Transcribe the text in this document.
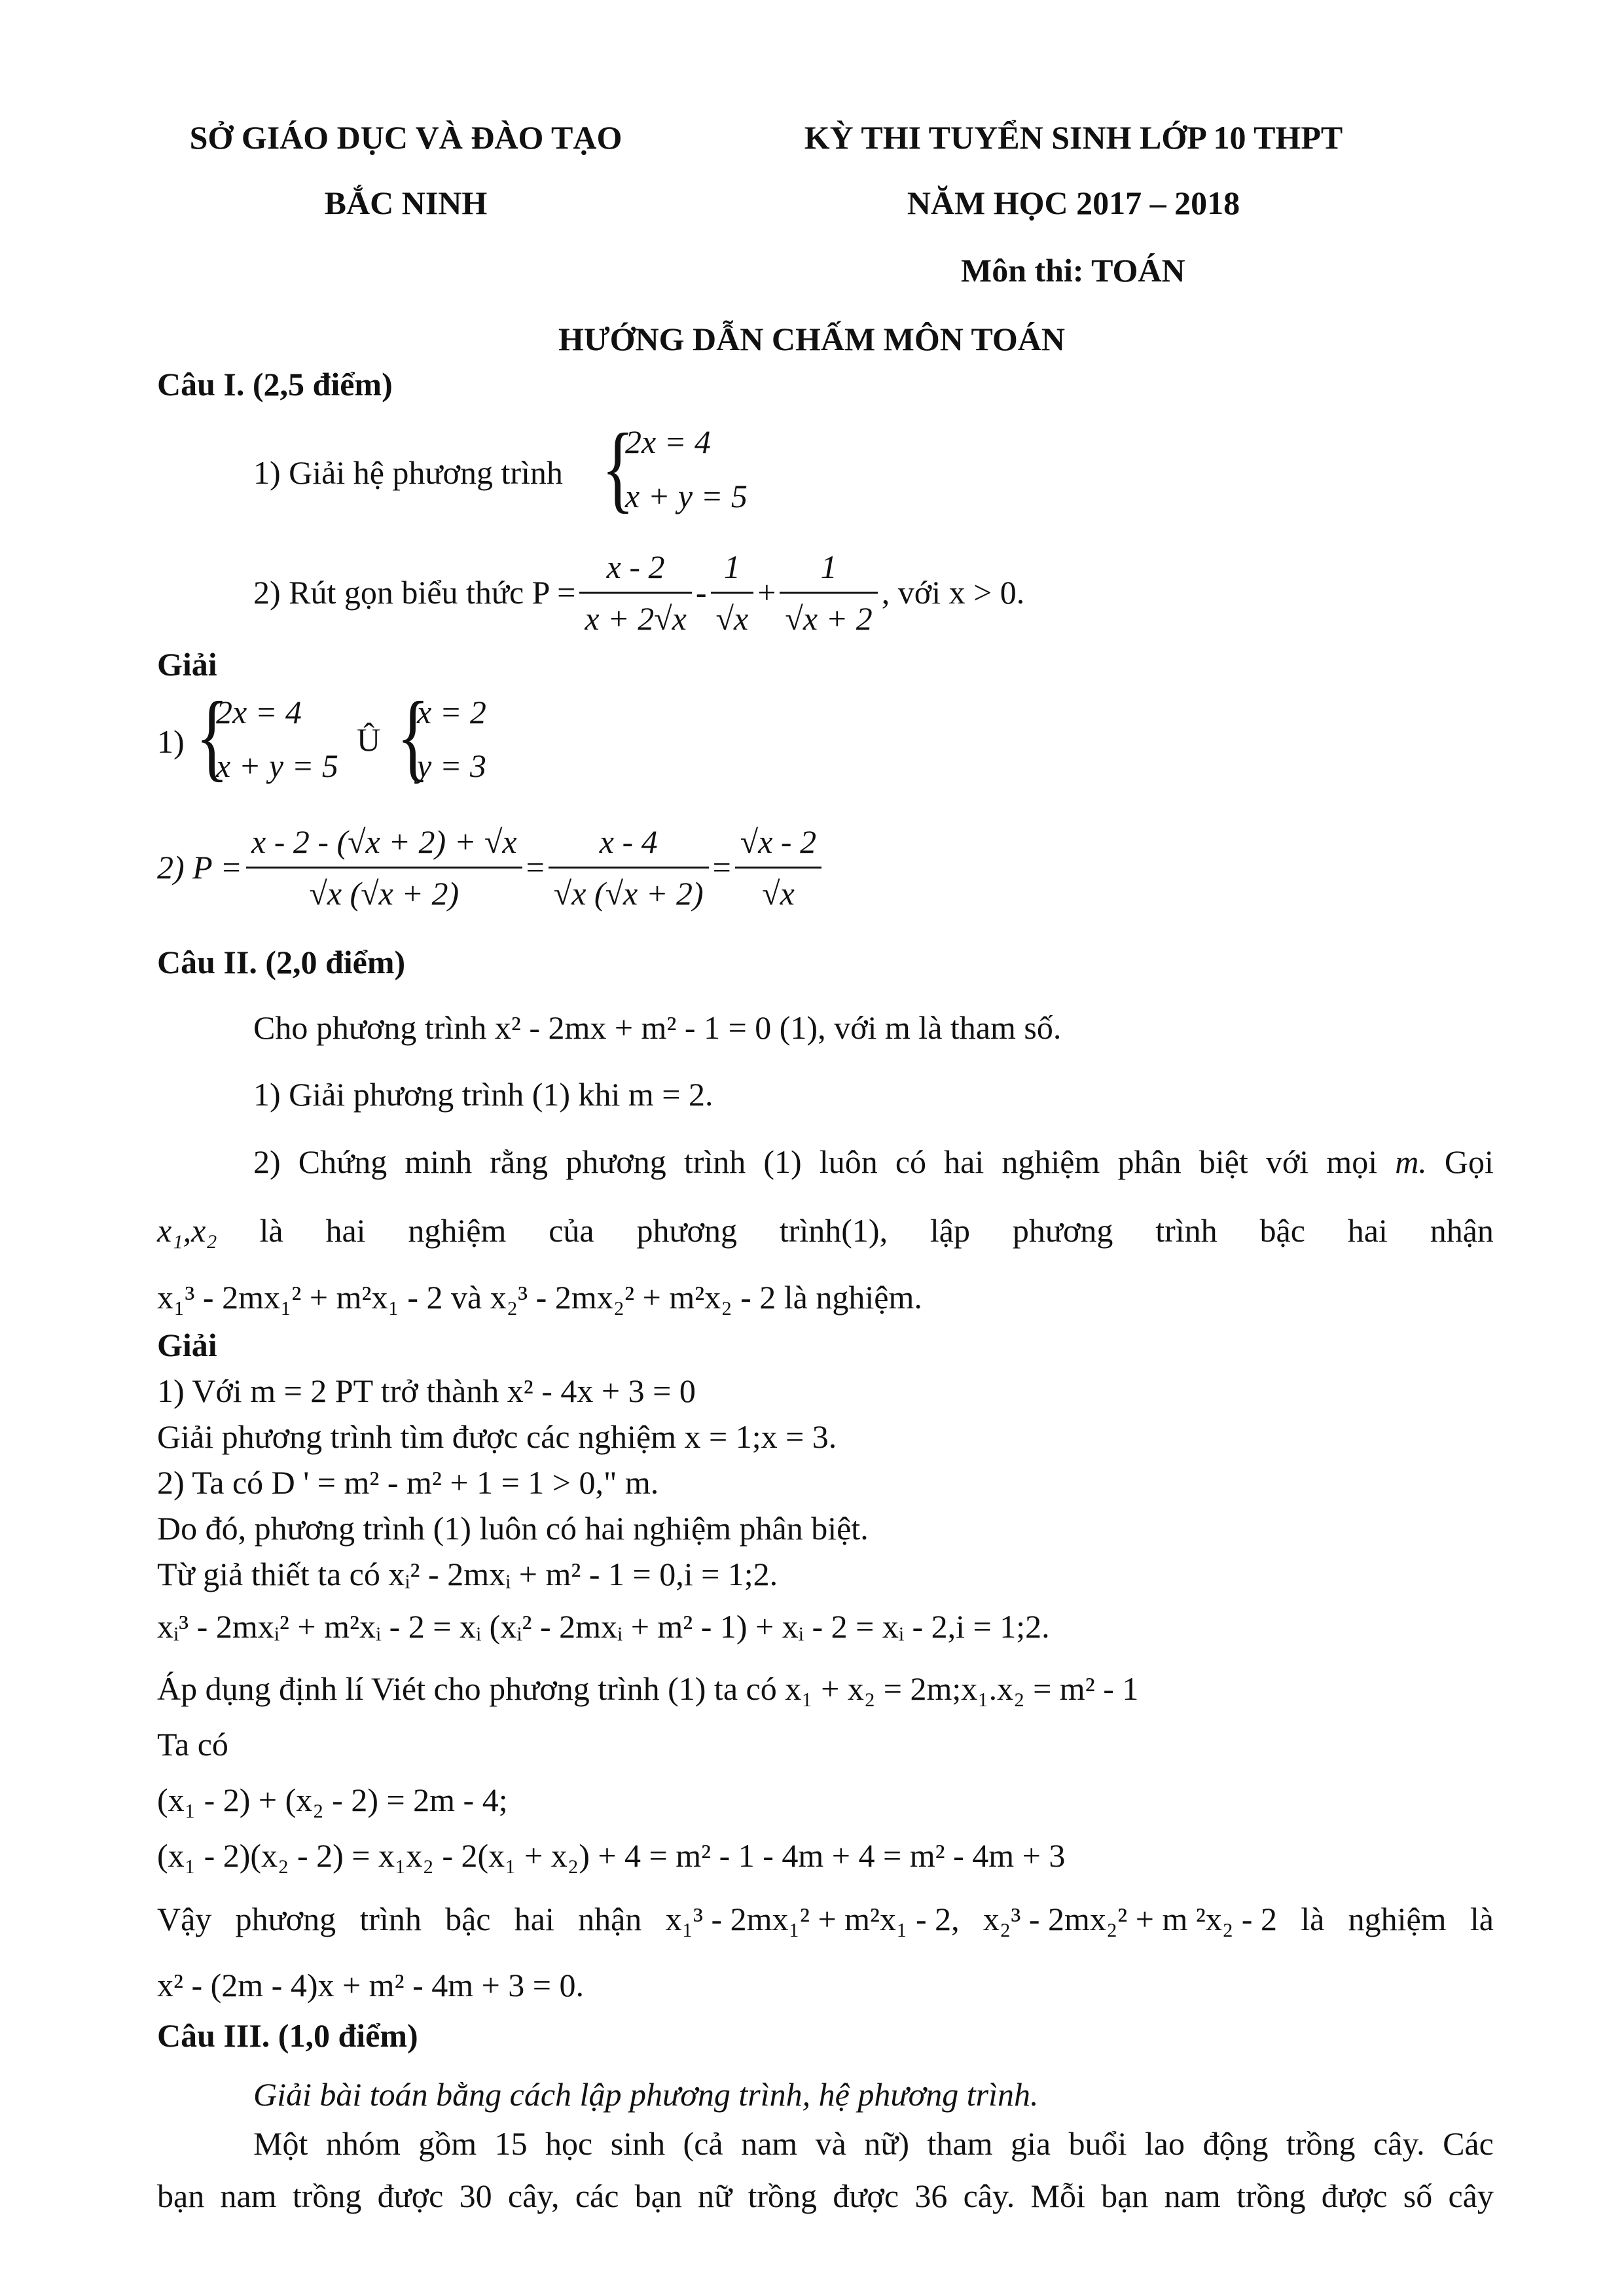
SỞ GIÁO DỤC VÀ ĐÀO TẠO
BẮC NINH
KỲ THI TUYỂN SINH LỚP 10 THPT
NĂM HỌC 2017 – 2018
Môn thi: TOÁN
HƯỚNG DẪN CHẤM MÔN TOÁN
Câu I. (2,5 điểm)
1) Giải hệ phương trình {
2x = 4
x + y = 5
2) Rút gọn biểu thức $P = \frac{x - 2}{x + 2√x} - \frac{1}{√x} + \frac{1}{√x + 2}$ , với x > 0.
Giải
1) {
2x = 4
x + y = 5
Û {
x = 2
y = 3
2) $P = \frac{x - 2 - (√x + 2) + √x}{√x (√x + 2)} = \frac{x - 4}{√x (√x + 2)} = \frac{√x - 2}{√x}$
Câu II. (2,0 điểm)
Cho phương trình x² - 2mx + m² - 1 = 0 (1), với m là tham số.
1) Giải phương trình (1) khi m = 2.
2) Chứng minh rằng phương trình (1) luôn có hai nghiệm phân biệt với mọi m. Gọi
x₁,x₂ là hai nghiệm của phương trình(1), lập phương trình bậc hai nhận
x₁³ - 2mx₁² + m²x₁ - 2 và x₂³ - 2mx₂² + m²x₂ - 2 là nghiệm.
Giải
1) Với m = 2 PT trở thành x² - 4x + 3 = 0
Giải phương trình tìm được các nghiệm x = 1;x = 3.
2) Ta có D ' = m² - m² + 1 = 1 > 0," m.
Do đó, phương trình (1) luôn có hai nghiệm phân biệt.
Từ giả thiết ta có xᵢ² - 2mxᵢ + m² - 1 = 0,i = 1;2.
xᵢ³ - 2mxᵢ² + m²xᵢ - 2 = xᵢ (xᵢ² - 2mxᵢ + m² - 1) + xᵢ - 2 = xᵢ - 2,i = 1;2.
Áp dụng định lí Viét cho phương trình (1) ta có x₁ + x₂ = 2m;x₁.x₂ = m² - 1
Ta có
(x₁ - 2) + (x₂ - 2) = 2m - 4;
(x₁ - 2)(x₂ - 2) = x₁x₂ - 2(x₁ + x₂) + 4 = m² - 1 - 4m + 4 = m² - 4m + 3
Vậy phương trình bậc hai nhận x₁³ - 2mx₁² + m²x₁ - 2, x₂³ - 2mx₂² + m ²x₂ - 2 là nghiệm là
x² - (2m - 4)x + m² - 4m + 3 = 0.
Câu III. (1,0 điểm)
Giải bài toán bằng cách lập phương trình, hệ phương trình.
Một nhóm gồm 15 học sinh (cả nam và nữ) tham gia buổi lao động trồng cây. Các
bạn nam trồng được 30 cây, các bạn nữ trồng được 36 cây. Mỗi bạn nam trồng được số cây
